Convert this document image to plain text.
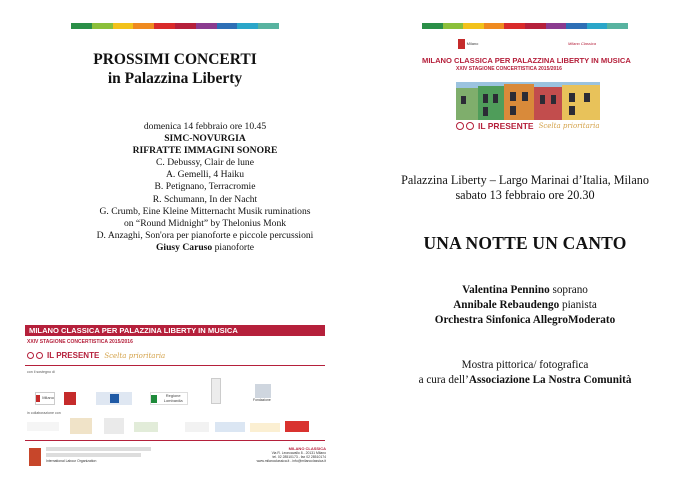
PROSSIMI CONCERTI
in Palazzina Liberty
domenica 14 febbraio ore 10.45
SIMC-NOVURGIA
RIFRATTE IMMAGINI SONORE
C. Debussy, Clair de lune
A. Gemelli, 4 Haiku
B. Petignano, Terracromie
R. Schumann, In der Nacht
G. Crumb, Eine Kleine Mitternacht Musik ruminations
on “Round Midnight” by Thelonius Monk
D. Anzaghi, Son'ora per pianoforte e piccole percussioni
Giusy Caruso pianoforte
MILANO CLASSICA PER PALAZZINA LIBERTY IN MUSICA
XXIV STAGIONE CONCERTISTICA 2015/2016
IL PRESENTE Scelta prioritaria
con il sostegno di
Milano	Regione Lombardia	Fondazione
in collaborazione con
International Labour Organization
MILANO CLASSICA
Via R. Leoncavallo 8 - 20131 Milano
tel. 02 28510173 - fax 02 28510174
www.milanoclassica.it - info@milanoclassica.it
Milano	Milano Classica
MILANO CLASSICA PER PALAZZINA LIBERTY IN MUSICA
XXIV STAGIONE CONCERTISTICA 2015/2016
IL PRESENTE Scelta prioritaria
Palazzina Liberty – Largo Marinai d’Italia, Milano
sabato 13 febbraio ore 20.30
UNA NOTTE UN CANTO
Valentina Pennino soprano
Annibale Rebaudengo pianista
Orchestra Sinfonica AllegroModerato
Mostra pittorica/ fotografica
a cura dell’Associazione La Nostra Comunità
